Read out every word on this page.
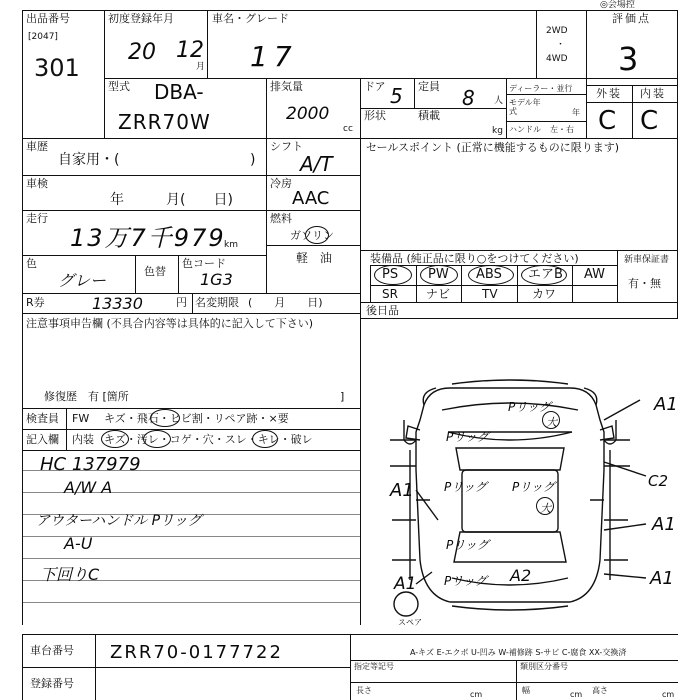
出品番号
[2047]
301
初度登録年月
20 12
月
車名・グレード
17
2WD
・
4WD
評価点
3
◎会場控
型式 DBA-
ZRR70W
排気量
2000
cc
ドア 5 定員 8 人
形状	積載
kg
ディーラー・並行
モデル年式	年
ハンドル 左・右
外装 内装
C C
車歴
自家用・(	)
車検
年　　　月(　　日)
走行
13万7千979
km
色
グレー	色替
色コード
1G3
シフト
A/T
冷房
AAC
燃料
ガソリン
軽 油
R券	13330	円 名変期限 (　　月　　日)
注意事項申告欄 (不具合内容等は具体的に記入して下さい)
修復歴　有 [箇所	]
検査員
記入欄
FW キズ・飛石・ヒビ割・リペア跡・×要
内装 キズ・汚レ・コゲ・穴・スレ・キレ・破レ
HC 137979
A/W A
アウターハンドル Pリッグ
A-U
下回りC
セールスポイント (正常に機能するものに限ります)
装備品 (純正品に限り○をつけてください)	新車保証書
有・無
PS PW ABS エアB AW
SR ナビ	TV	カワ
後日品
A1
A1	C2
A1
A1
A1	A2
Pリッグ
大
Pリッグ
Pリッグ Pリッグ
大
Pリッグ
Pリッグ
スペア
車台番号 ZRR70-0177722
登録番号
A-キズ E-エクボ U-凹み W-補修跡 S-サビ C-腐食 XX-交換済
指定等記号	類別区分番号
長さ	cm	幅	cm 高さ	cm
